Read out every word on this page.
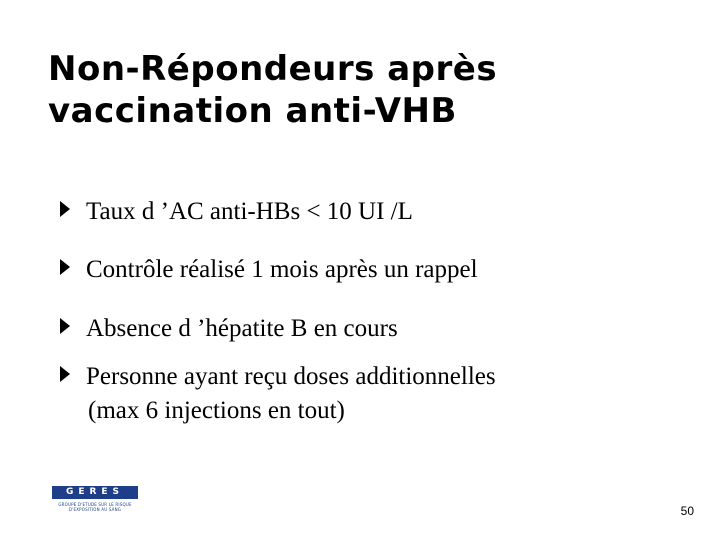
Non-Répondeurs après
vaccination anti-VHB
Taux d ’AC anti-HBs < 10 UI /L
Contrôle réalisé 1 mois après un rappel
Absence d ’hépatite B en cours
Personne ayant reçu doses additionnelles
(max 6 injections en tout)
GERES
GROUPE D'ETUDE SUR LE RISQUE D'EXPOSITION AU SANG	50
